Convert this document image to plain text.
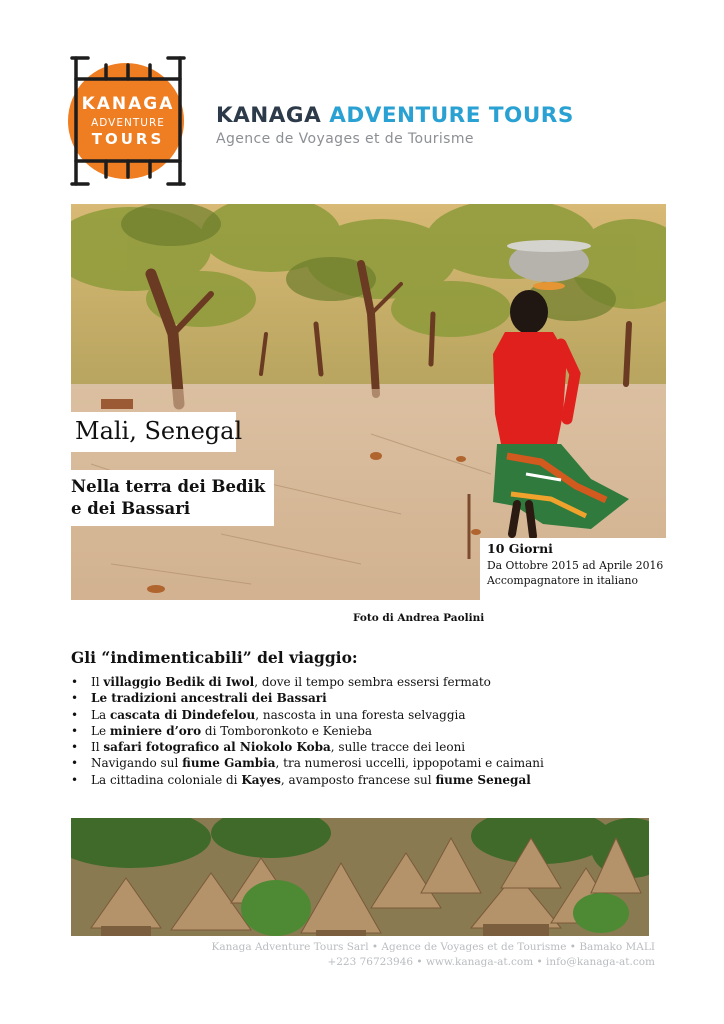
KANAGA
ADVENTURE
TOURS
KANAGA ADVENTURE TOURS
Agence de Voyages et de Tourisme
Mali, Senegal
Nella terra dei Bedik
e dei Bassari
10 Giorni
Da Ottobre 2015 ad Aprile 2016
Accompagnatore in italiano
Foto di Andrea Paolini
Gli “indimenticabili” del viaggio:
• Il villaggio Bedik di Iwol, dove il tempo sembra essersi fermato
• Le tradizioni ancestrali dei Bassari
• La cascata di Dindefelou, nascosta in una foresta selvaggia
• Le miniere d’oro di Tomboronkoto e Kenieba
• Il safari fotografico al Niokolo Koba, sulle tracce dei leoni
• Navigando sul fiume Gambia, tra numerosi uccelli, ippopotami e caimani
• La cittadina coloniale di Kayes, avamposto francese sul fiume Senegal
Kanaga Adventure Tours Sarl • Agence de Voyages et de Tourisme • Bamako MALI
+223 76723946 • www.kanaga-at.com • info@kanaga-at.com
